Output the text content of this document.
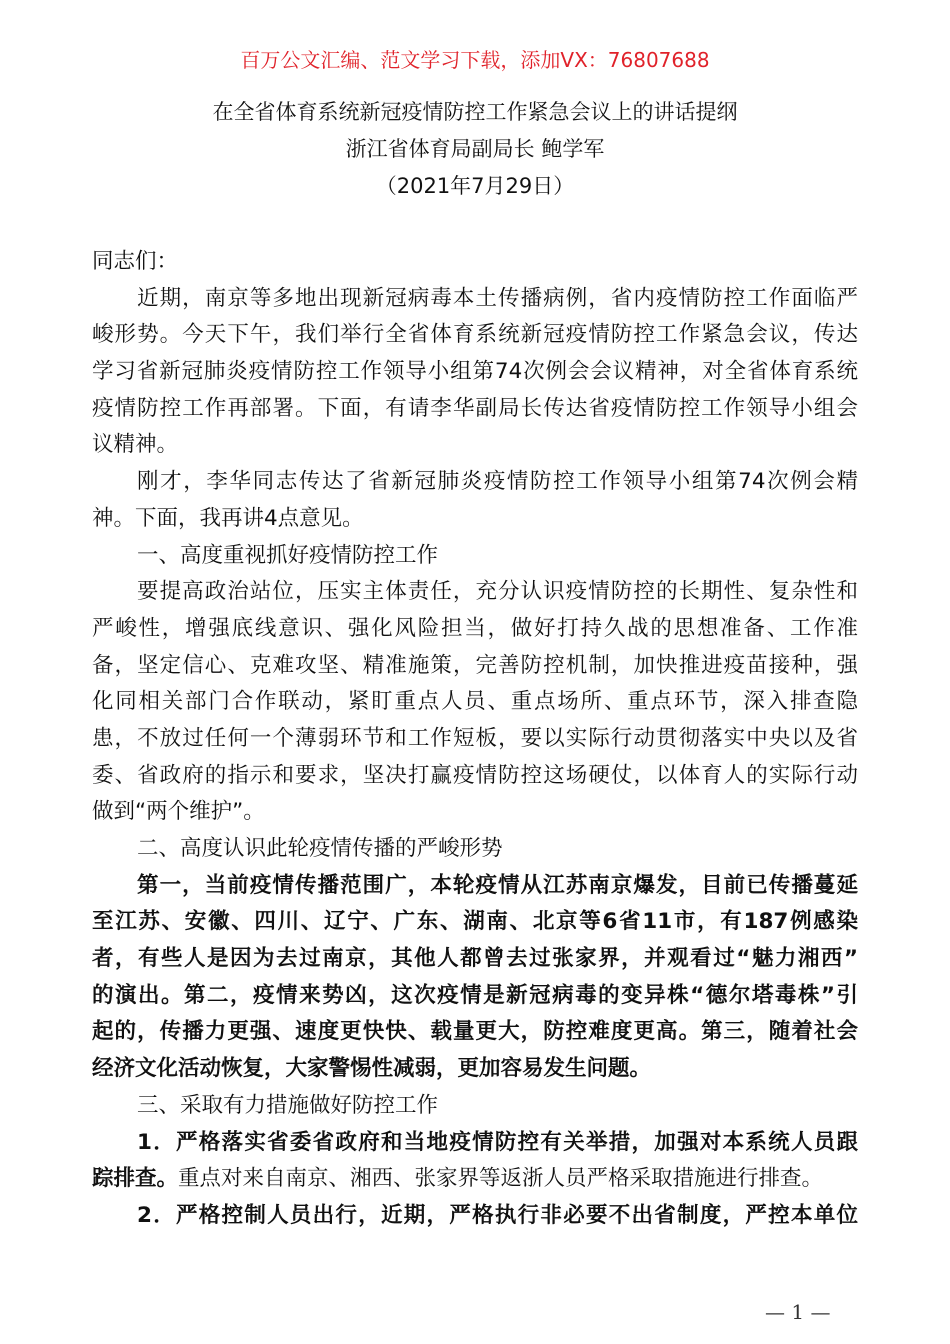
百万公文汇编、范文学习下载，添加VX：76807688
在全省体育系统新冠疫情防控工作紧急会议上的讲话提纲
浙江省体育局副局长 鲍学军
（2021年7月29日）
同志们：
近期，南京等多地出现新冠病毒本土传播病例，省内疫情防控工作面临严
峻形势。今天下午，我们举行全省体育系统新冠疫情防控工作紧急会议，传达
学习省新冠肺炎疫情防控工作领导小组第74次例会会议精神，对全省体育系统
疫情防控工作再部署。下面，有请李华副局长传达省疫情防控工作领导小组会
议精神。
刚才，李华同志传达了省新冠肺炎疫情防控工作领导小组第74次例会精
神。下面，我再讲4点意见。
一、高度重视抓好疫情防控工作
要提高政治站位，压实主体责任，充分认识疫情防控的长期性、复杂性和
严峻性，增强底线意识、强化风险担当，做好打持久战的思想准备、工作准
备，坚定信心、克难攻坚、精准施策，完善防控机制，加快推进疫苗接种，强
化同相关部门合作联动，紧盯重点人员、重点场所、重点环节，深入排查隐
患，不放过任何一个薄弱环节和工作短板，要以实际行动贯彻落实中央以及省
委、省政府的指示和要求，坚决打赢疫情防控这场硬仗，以体育人的实际行动
做到“两个维护”。
二、高度认识此轮疫情传播的严峻形势
第一，当前疫情传播范围广，本轮疫情从江苏南京爆发，目前已传播蔓延
至江苏、安徽、四川、辽宁、广东、湖南、北京等6省11市，有187例感染
者，有些人是因为去过南京，其他人都曾去过张家界，并观看过“魅力湘西”
的演出。第二，疫情来势凶，这次疫情是新冠病毒的变异株“德尔塔毒株”引
起的，传播力更强、速度更快快、载量更大，防控难度更高。第三，随着社会
经济文化活动恢复，大家警惕性减弱，更加容易发生问题。
三、采取有力措施做好防控工作
1．严格落实省委省政府和当地疫情防控有关举措，加强对本系统人员跟
踪排查。重点对来自南京、湘西、张家界等返浙人员严格采取措施进行排查。
2．严格控制人员出行，近期，严格执行非必要不出省制度，严控本单位
— 1 —
